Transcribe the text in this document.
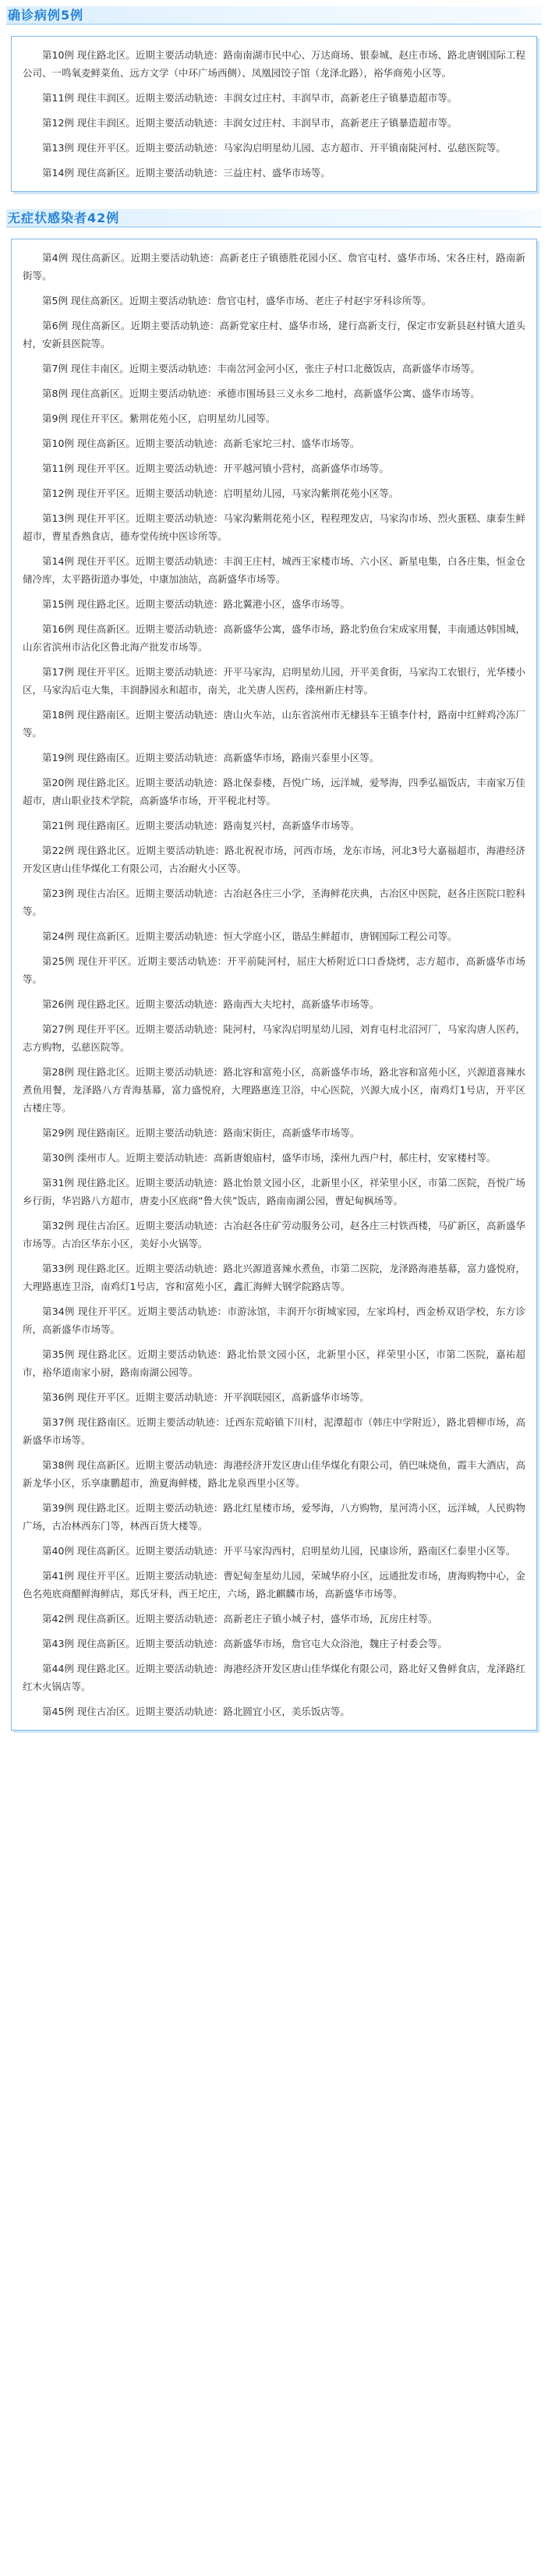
确诊病例5例

第10例 现住路北区。近期主要活动轨迹：路南南湖市民中心、万达商场、银泰城、赵庄市场、路北唐钢国际工程公司、一鸣氧麦鲜菜鱼、远方文学（中环广场西侧）、凤凰园饺子馆（龙泽北路），裕华商苑小区等。

第11例 现住丰润区。近期主要活动轨迹：丰润女过庄村、丰润早市，高新老庄子镇暴造超市等。

第12例 现住丰润区。近期主要活动轨迹：丰润女过庄村、丰润早市，高新老庄子镇暴造超市等。

第13例 现住开平区。近期主要活动轨迹：马家沟启明星幼儿园、志方超市、开平镇南陡河村、弘慈医院等。

第14例 现住高新区。近期主要活动轨迹：三益庄村、盛华市场等。

无症状感染者42例

第4例 现住高新区。近期主要活动轨迹：高新老庄子镇德胜花园小区、詹官屯村、盛华市场、宋各庄村，路南新街等。

第5例 现住高新区。近期主要活动轨迹：詹官屯村，盛华市场、老庄子村赵宇牙科诊所等。

第6例 现住高新区。近期主要活动轨迹：高新党家庄村、盛华市场，建行高新支行，保定市安新县赵村镇大道头村，安新县医院等。

第7例 现住丰南区。近期主要活动轨迹：丰南岔河金河小区，张庄子村口北薇饭店，高新盛华市场等。

第8例 现住高新区。近期主要活动轨迹：承德市围场县三义永乡二地村，高新盛华公寓、盛华市场等。

第9例 现住开平区。紫荆花苑小区，启明星幼儿园等。

第10例 现住高新区。近期主要活动轨迹：高新毛家坨三村、盛华市场等。

第11例 现住开平区。近期主要活动轨迹：开平越河镇小营村，高新盛华市场等。

第12例 现住开平区。近期主要活动轨迹：启明星幼儿园，马家沟紫荆花苑小区等。

第13例 现住开平区。近期主要活动轨迹：马家沟紫荆花苑小区，程程理发店，马家沟市场、烈火蛋糕、康泰生鲜超市，曹星香熟食店，德寿堂传统中医诊所等。

第14例 现住开平区。近期主要活动轨迹：丰润王庄村，城西王家楼市场、六小区、新星电集，白各庄集，恒金仓储冷库，太平路街道办事处，中康加油站，高新盛华市场等。

第15例 现住路北区。近期主要活动轨迹：路北翼港小区，盛华市场等。

第16例 现住高新区。近期主要活动轨迹：高新盛华公寓，盛华市场，路北豹鱼台宋成家用餐，丰南通达韩国城，山东省滨州市沾化区鲁北海产批发市场等。

第17例 现住开平区。近期主要活动轨迹：开平马家沟，启明星幼儿园，开平美食街，马家沟工农银行，光华楼小区，马家沟后屯大集，丰润静园永和超市，南关，北关唐人医药，滦州新庄村等。

第18例 现住路南区。近期主要活动轨迹：唐山火车站，山东省滨州市无棣县车王镇李什村，路南中红鲜鸡冷冻厂等。

第19例 现住路南区。近期主要活动轨迹：高新盛华市场，路南兴泰里小区等。

第20例 现住路北区。近期主要活动轨迹：路北保泰楼，吾悦广场，远洋城，爱琴海，四季弘福饭店，丰南家万佳超市，唐山职业技术学院，高新盛华市场，开平税北村等。

第21例 现住路南区。近期主要活动轨迹：路南复兴村，高新盛华市场等。

第22例 现住路北区。近期主要活动轨迹：路北祝祝市场，河西市场，龙东市场，河北3号大嘉福超市，海港经济开发区唐山佳华煤化工有限公司，古冶耐火小区等。

第23例 现住古冶区。近期主要活动轨迹：古冶赵各庄三小学，圣海鲜花庆典，古冶区中医院，赵各庄医院口腔科等。

第24例 现住高新区。近期主要活动轨迹：恒大学庭小区，谐品生鲜超市，唐钢国际工程公司等。

第25例 现住开平区。近期主要活动轨迹：开平前陡河村，屈庄大桥附近口口香烧烤，志方超市，高新盛华市场等。

第26例 现住路北区。近期主要活动轨迹：路南西大夫坨村，高新盛华市场等。

第27例 现住开平区。近期主要活动轨迹：陡河村，马家沟启明星幼儿园，刘育屯村北沼河厂，马家沟唐人医药，志方购物，弘慈医院等。

第28例 现住路北区。近期主要活动轨迹：路北容和富苑小区，高新盛华市场，路北容和富苑小区，兴源道喜辣水煮鱼用餐，龙泽路八方青海基幕，富力盛悦府，大理路惠连卫浴，中心医院，兴源大成小区，南鸡灯1号店，开平区古楼庄等。

第29例 现住路南区。近期主要活动轨迹：路南宋街庄，高新盛华市场等。

第30例 滦州市人。近期主要活动轨迹：高新唐娘庙村，盛华市场，滦州九西户村，郝庄村，安家楼村等。

第31例 现住路北区。近期主要活动轨迹：路北怡景文园小区，北新里小区，祥荣里小区，市第二医院，吾悦广场乡行街，华岩路八方超市，唐麦小区底商“鲁大侠”饭店，路南南湖公园，曹妃甸枫场等。

第32例 现住古冶区。近期主要活动轨迹：古冶赵各庄矿劳动服务公司，赵各庄三村铁西楼，马矿新区，高新盛华市场等。古冶区华东小区，美好小火锅等。

第33例 现住路北区。近期主要活动轨迹：路北兴源道喜辣水煮鱼，市第二医院，龙泽路海港基幕，富力盛悦府，大理路惠连卫浴，南鸡灯1号店，容和富苑小区，鑫汇海鲜大钢学院路店等。

第34例 现住开平区。近期主要活动轨迹：市游泳馆，丰润开尔街城家园，左家坞村，西金桥双语学校，东方诊所，高新盛华市场等。

第35例 现住路北区。近期主要活动轨迹：路北怡景文园小区，北新里小区，祥荣里小区，市第二医院，嘉祐超市，裕华道南家小厨，路南南湖公园等。

第36例 现住开平区。近期主要活动轨迹：开平润联园区，高新盛华市场等。

第37例 现住路南区。近期主要活动轨迹：迁西东荒峪镇下川村，泥潭超市（韩庄中学附近），路北碧柳市场，高新盛华市场等。

第38例 现住高新区。近期主要活动轨迹：海港经济开发区唐山佳华煤化有限公司，俏巴味烧鱼，霞丰大酒店，高新龙华小区，乐享康鹏超市，渔夏海鲜楼，路北龙泉西里小区等。

第39例 现住路北区。近期主要活动轨迹：路北红星楼市场，爱琴海，八方购物，星河湾小区，远洋城，人民购物广场，古冶林西东门等，林西百货大楼等。

第40例 现住高新区。近期主要活动轨迹：开平马家沟西村，启明星幼儿园，民康诊所，路南区仁泰里小区等。

第41例 现住开平区。近期主要活动轨迹：曹妃甸奎星幼儿园，荣城华府小区，远通批发市场，唐海购物中心，金色名苑底商醋鲜海鲜店，郑氏牙科，西王坨庄，六场，路北麒麟市场，高新盛华市场等。

第42例 现住高新区。近期主要活动轨迹：高新老庄子镇小城子村，盛华市场，瓦房庄村等。

第43例 现住高新区。近期主要活动轨迹：高新盛华市场，詹官屯大众浴池，魏庄子村委会等。

第44例 现住路北区。近期主要活动轨迹：海港经济开发区唐山佳华煤化有限公司，路北好又鲁鲜食店，龙泽路红红木火锅店等。

第45例 现住古冶区。近期主要活动轨迹：路北圆宜小区，美乐饭店等。
